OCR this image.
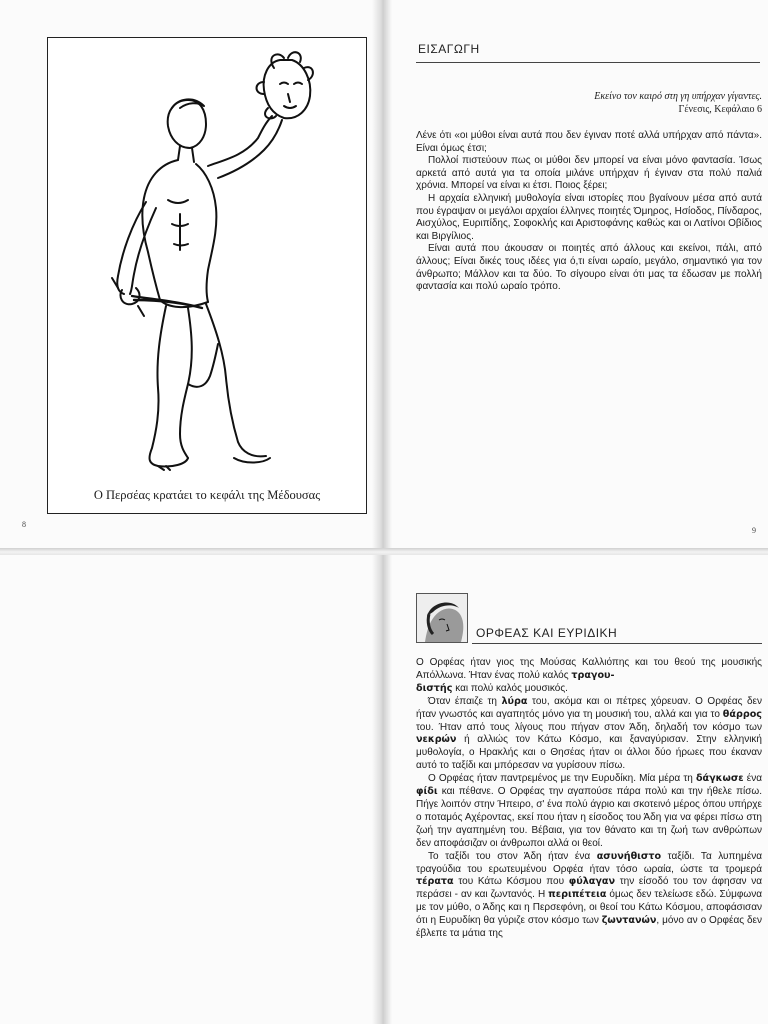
Ο Περσέας κρατάει το κεφάλι της Μέδουσας
8
ΕΙΣΑΓΩΓΗ
Εκείνο τον καιρό στη γη υπήρχαν γίγαντες.
Γένεσις, Κεφάλαιο 6

Λένε ότι «οι μύθοι είναι αυτά που δεν έγιναν ποτέ αλλά υπήρχαν από πάντα». Είναι όμως έτσι;

Πολλοί πιστεύουν πως οι μύθοι δεν μπορεί να είναι μόνο φαντασία. Ίσως αρκετά από αυτά για τα οποία μιλάνε υπήρχαν ή έγιναν στα πολύ παλιά χρόνια. Μπορεί να είναι κι έτσι. Ποιος ξέρει;

Η αρχαία ελληνική μυθολογία είναι ιστορίες που βγαίνουν μέσα από αυτά που έγραψαν οι μεγάλοι αρχαίοι έλληνες ποιητές Όμηρος, Ησίοδος, Πίνδαρος, Αισχύλος, Ευριπίδης, Σοφοκλής και Αριστοφάνης καθώς και οι Λατίνοι Οβίδιος και Βιργίλιος.

Είναι αυτά που άκουσαν οι ποιητές από άλλους και εκείνοι, πάλι, από άλλους; Είναι δικές τους ιδέες για ό,τι είναι ωραίο, μεγάλο, σημαντικό για τον άνθρωπο; Μάλλον και τα δύο. Το σίγουρο είναι ότι μας τα έδωσαν με πολλή φαντασία και πολύ ωραίο τρόπο.

9
ΟΡΦΕΑΣ ΚΑΙ ΕΥΡΙΔΙΚΗ

Ο Ορφέας ήταν γιος της Μούσας Καλλιόπης και του θεού της μουσικής Απόλλωνα. Ήταν ένας πολύ καλός τραγου-
διστής και πολύ καλός μουσικός.

Όταν έπαιζε τη λύρα του, ακόμα και οι πέτρες χόρευαν. Ο Ορφέας δεν ήταν γνωστός και αγαπητός μόνο για τη μουσική του, αλλά και για το θάρρος του. Ήταν από τους λίγους που πήγαν στον Άδη, δηλαδή τον κόσμο των νεκρών ή αλλιώς τον Κάτω Κόσμο, και ξαναγύρισαν. Στην ελληνική μυθολογία, ο Ηρακλής και ο Θησέας ήταν οι άλλοι δύο ήρωες που έκαναν αυτό το ταξίδι και μπόρεσαν να γυρίσουν πίσω.

Ο Ορφέας ήταν παντρεμένος με την Ευρυδίκη. Μία μέρα τη δάγκωσε ένα φίδι και πέθανε. Ο Ορφέας την αγαπούσε πάρα πολύ και την ήθελε πίσω. Πήγε λοιπόν στην Ήπειρο, σ' ένα πολύ άγριο και σκοτεινό μέρος όπου υπήρχε ο ποταμός Αχέροντας, εκεί που ήταν η είσοδος του Άδη για να φέρει πίσω στη ζωή την αγαπημένη του. Βέβαια, για τον θάνατο και τη ζωή των ανθρώπων δεν αποφάσιζαν οι άνθρωποι αλλά οι θεοί.

Το ταξίδι του στον Άδη ήταν ένα ασυνήθιστο ταξίδι. Τα λυπημένα τραγούδια του ερωτευμένου Ορφέα ήταν τόσο ωραία, ώστε τα τρομερά τέρατα του Κάτω Κόσμου που φύλαγαν την είσοδό του τον άφησαν να περάσει - αν και ζωντανός. Η περιπέτεια όμως δεν τελείωσε εδώ. Σύμφωνα με τον μύθο, ο Άδης και η Περσεφόνη, οι θεοί του Κάτω Κόσμου, αποφάσισαν ότι η Ευρυδίκη θα γύριζε στον κόσμο των ζωντανών, μόνο αν ο Ορφέας δεν έβλεπε τα μάτια της
